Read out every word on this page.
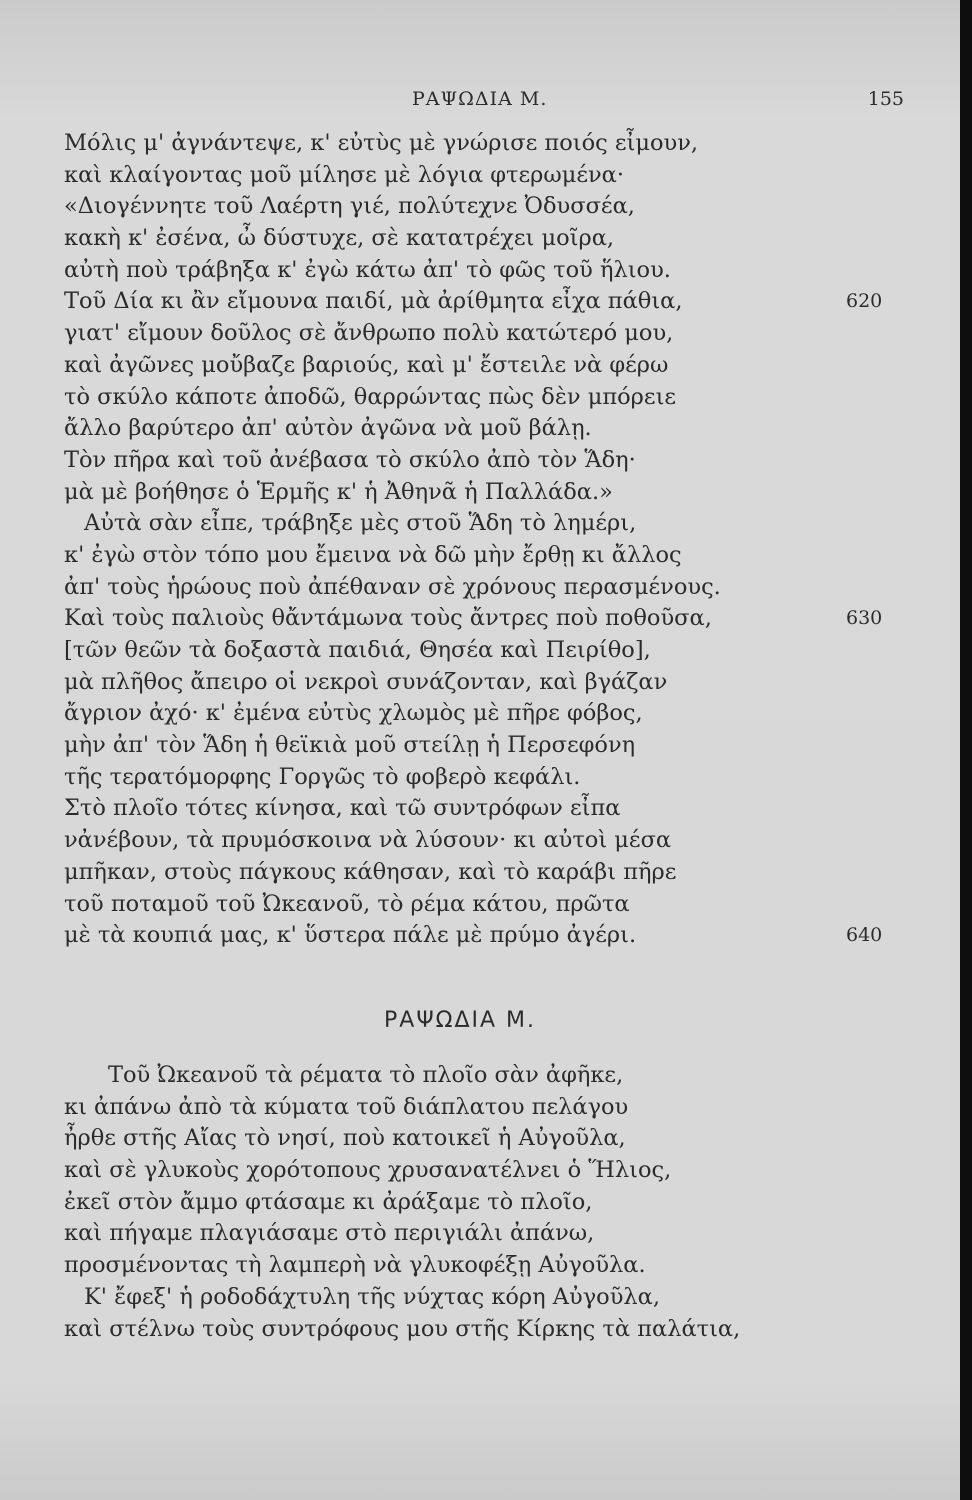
ΡΑΨΩΔΙΑ Μ.	155
Μόλις μ' ἀγνάντεψε, κ' εὐτὺς μὲ γνώρισε ποιός εἶμουν,
καὶ κλαίγοντας μοῦ μίλησε μὲ λόγια φτερωμένα·
«Διογέννητε τοῦ Λαέρτη γιέ, πολύτεχνε Ὀδυσσέα,
κακὴ κ' ἐσένα, ὦ δύστυχε, σὲ κατατρέχει μοῖρα,
αὐτὴ ποὺ τράβηξα κ' ἐγὼ κάτω ἀπ' τὸ φῶς τοῦ ἥλιου.
Τοῦ Δία κι ἂν εἴμουνα παιδί, μὰ ἀρίθμητα εἶχα πάθια,	620
γιατ' εἴμουν δοῦλος σὲ ἄνθρωπο πολὺ κατώτερό μου,
καὶ ἀγῶνες μοὔβαζε βαριούς, καὶ μ' ἔστειλε νὰ φέρω
τὸ σκύλο κάποτε ἀποδῶ, θαρρώντας πὼς δὲν μπόρειε
ἄλλο βαρύτερο ἀπ' αὐτὸν ἀγῶνα νὰ μοῦ βάλῃ.
Τὸν πῆρα καὶ τοῦ ἀνέβασα τὸ σκύλο ἀπὸ τὸν Ἅδη·
μὰ μὲ βοήθησε ὁ Ἑρμῆς κ' ἡ Ἀθηνᾶ ἡ Παλλάδα.»
Αὐτὰ σὰν εἶπε, τράβηξε μὲς στοῦ Ἅδη τὸ λημέρι,
κ' ἐγὼ στὸν τόπο μου ἔμεινα νὰ δῶ μὴν ἔρθῃ κι ἄλλος
ἀπ' τοὺς ἡρώους ποὺ ἀπέθαναν σὲ χρόνους περασμένους.
Καὶ τοὺς παλιοὺς θἄντάμωνα τοὺς ἄντρες ποὺ ποθοῦσα,	630
[τῶν θεῶν τὰ δοξαστὰ παιδιά, Θησέα καὶ Πειρίθο],
μὰ πλῆθος ἄπειρο οἱ νεκροὶ συνάζονταν, καὶ βγάζαν
ἄγριον ἀχό· κ' ἐμένα εὐτὺς χλωμὸς μὲ πῆρε φόβος,
μὴν ἀπ' τὸν Ἅδη ἡ θεϊκιὰ μοῦ στείλῃ ἡ Περσεφόνη
τῆς τερατόμορφης Γοργῶς τὸ φοβερὸ κεφάλι.
Στὸ πλοῖο τότες κίνησα, καὶ τῶ συντρόφων εἶπα
νἀνέβουν, τὰ πρυμόσκοινα νὰ λύσουν· κι αὐτοὶ μέσα
μπῆκαν, στοὺς πάγκους κάθησαν, καὶ τὸ καράβι πῆρε
τοῦ ποταμοῦ τοῦ Ὠκεανοῦ, τὸ ρέμα κάτου, πρῶτα
μὲ τὰ κουπιά μας, κ' ὕστερα πάλε μὲ πρύμο ἀγέρι.	640
ΡΑΨΩΔΙΑ Μ.
Τοῦ Ὠκεανοῦ τὰ ρέματα τὸ πλοῖο σὰν ἀφῆκε,
κι ἀπάνω ἀπὸ τὰ κύματα τοῦ διάπλατου πελάγου
ἦρθε στῆς Αἴας τὸ νησί, ποὺ κατοικεῖ ἡ Αὐγοῦλα,
καὶ σὲ γλυκοὺς χορότοπους χρυσανατέλνει ὁ Ἥλιος,
ἐκεῖ στὸν ἄμμο φτάσαμε κι ἀράξαμε τὸ πλοῖο,
καὶ πήγαμε πλαγιάσαμε στὸ περιγιάλι ἀπάνω,
προσμένοντας τὴ λαμπερὴ νὰ γλυκοφέξῃ Αὐγοῦλα.
Κ' ἔφεξ' ἡ ροδοδάχτυλη τῆς νύχτας κόρη Αὐγοῦλα,
καὶ στέλνω τοὺς συντρόφους μου στῆς Κίρκης τὰ παλάτια,
